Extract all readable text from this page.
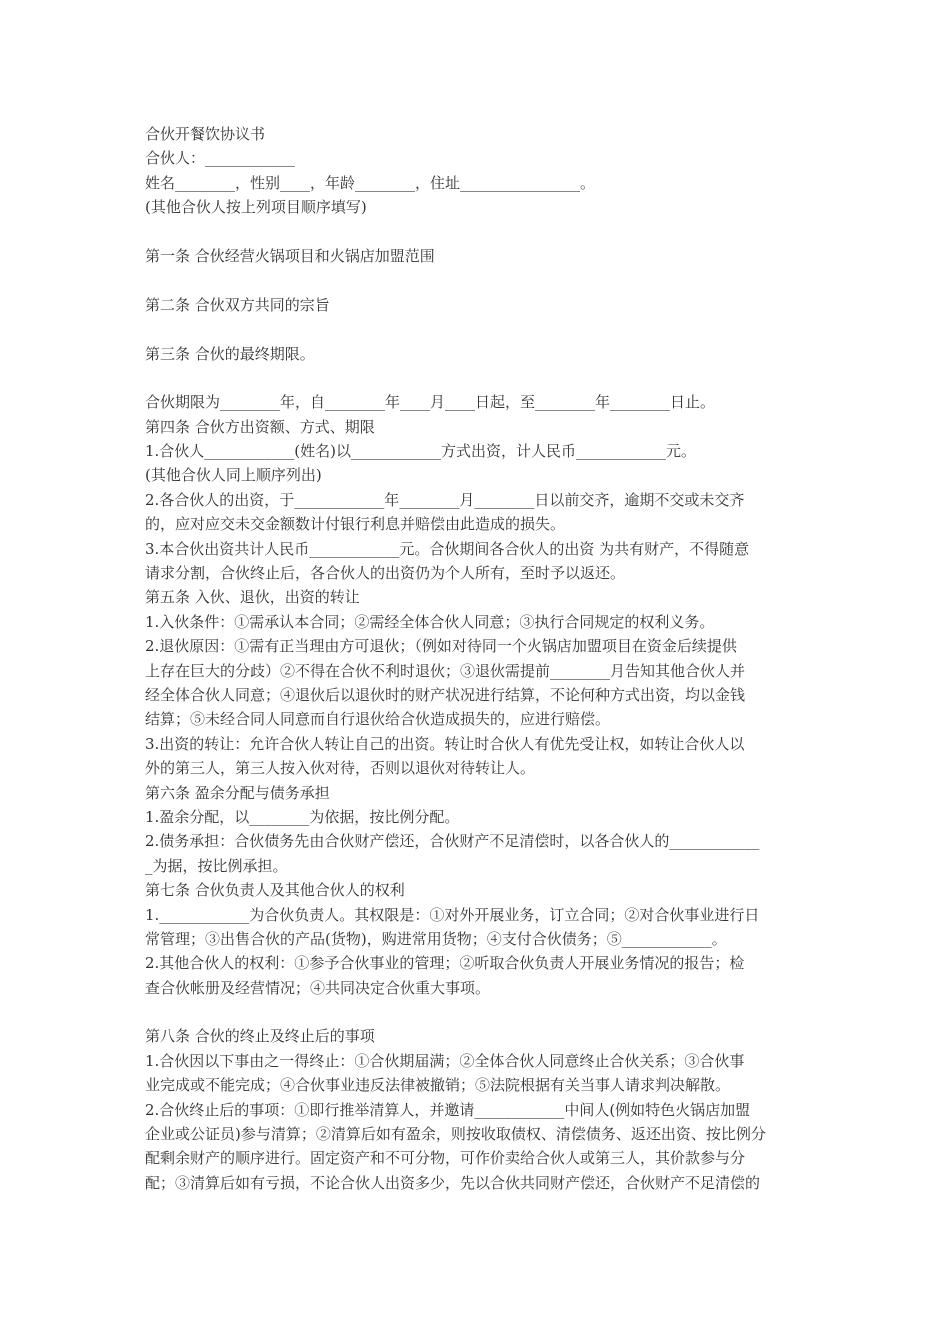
合伙开餐饮协议书
合伙人：____________
姓名________，性别____，年龄________，住址________________。
(其他合伙人按上列项目顺序填写)
第一条 合伙经营火锅项目和火锅店加盟范围
第二条 合伙双方共同的宗旨
第三条 合伙的最终期限。
合伙期限为________年，自________年____月____日起，至________年________日止。
第四条 合伙方出资额、方式、期限
1.合伙人____________(姓名)以____________方式出资，计人民币____________元。
(其他合伙人同上顺序列出)
2.各合伙人的出资，于____________年________月________日以前交齐，逾期不交或未交齐
的，应对应交未交金额数计付银行利息并赔偿由此造成的损失。
3.本合伙出资共计人民币____________元。合伙期间各合伙人的出资 为共有财产，不得随意
请求分割，合伙终止后，各合伙人的出资仍为个人所有，至时予以返还。
第五条 入伙、退伙，出资的转让
1.入伙条件：①需承认本合同；②需经全体合伙人同意；③执行合同规定的权利义务。
2.退伙原因：①需有正当理由方可退伙；（例如对待同一个火锅店加盟项目在资金后续提供
上存在巨大的分歧）②不得在合伙不利时退伙；③退伙需提前________月告知其他合伙人并
经全体合伙人同意；④退伙后以退伙时的财产状况进行结算，不论何种方式出资，均以金钱
结算；⑤未经合同人同意而自行退伙给合伙造成损失的，应进行赔偿。
3.出资的转让：允许合伙人转让自己的出资。转让时合伙人有优先受让权，如转让合伙人以
外的第三人，第三人按入伙对待，否则以退伙对待转让人。
第六条 盈余分配与债务承担
1.盈余分配，以________为依据，按比例分配。
2.债务承担：合伙债务先由合伙财产偿还，合伙财产不足清偿时，以各合伙人的____________
_为据，按比例承担。
第七条 合伙负责人及其他合伙人的权利
1.____________为合伙负责人。其权限是：①对外开展业务，订立合同；②对合伙事业进行日
常管理；③出售合伙的产品(货物)，购进常用货物；④支付合伙债务；⑤____________。
2.其他合伙人的权利：①参予合伙事业的管理；②听取合伙负责人开展业务情况的报告；检
查合伙帐册及经营情况；④共同决定合伙重大事项。
第八条 合伙的终止及终止后的事项
1.合伙因以下事由之一得终止：①合伙期届满；②全体合伙人同意终止合伙关系；③合伙事
业完成或不能完成；④合伙事业违反法律被撤销；⑤法院根据有关当事人请求判决解散。
2.合伙终止后的事项：①即行推举清算人，并邀请____________中间人(例如特色火锅店加盟
企业或公证员)参与清算；②清算后如有盈余，则按收取债权、清偿债务、返还出资、按比例分
配剩余财产的顺序进行。固定资产和不可分物，可作价卖给合伙人或第三人，其价款参与分
配；③清算后如有亏损，不论合伙人出资多少，先以合伙共同财产偿还，合伙财产不足清偿的
